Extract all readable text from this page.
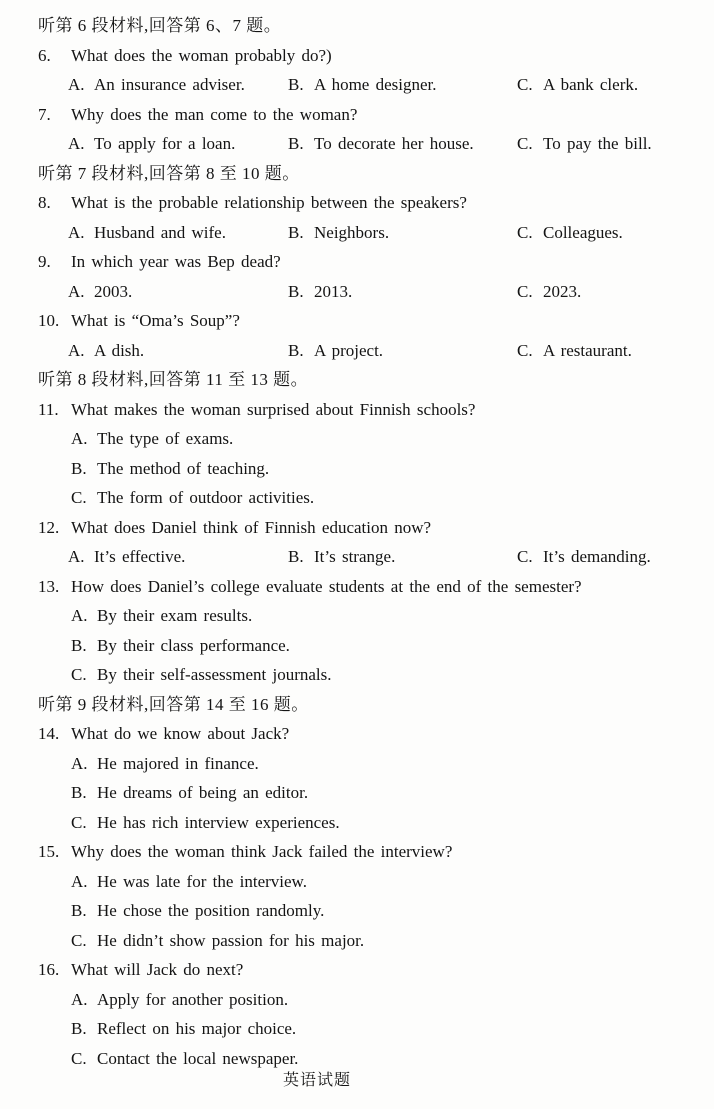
听第 6 段材料,回答第 6、7 题。
6.	What does the woman probably do?)
A. An insurance adviser.	B. A home designer.	C. A bank clerk.
7.	Why does the man come to the woman?
A. To apply for a loan.	B. To decorate her house.	C. To pay the bill.
听第 7 段材料,回答第 8 至 10 题。
8.	What is the probable relationship between the speakers?
A. Husband and wife.	B. Neighbors.	C. Colleagues.
9.	In which year was Bep dead?
A. 2003.	B. 2013.	C. 2023.
10. What is “Oma’s Soup”?
A. A dish.	B. A project.	C. A restaurant.
听第 8 段材料,回答第 11 至 13 题。
11. What makes the woman surprised about Finnish schools?
A. The type of exams.
B. The method of teaching.
C. The form of outdoor activities.
12. What does Daniel think of Finnish education now?
A. It’s effective.	B. It’s strange.	C. It’s demanding.
13. How does Daniel’s college evaluate students at the end of the semester?
A. By their exam results.
B. By their class performance.
C. By their self-assessment journals.
听第 9 段材料,回答第 14 至 16 题。
14. What do we know about Jack?
A. He majored in finance.
B. He dreams of being an editor.
C. He has rich interview experiences.
15. Why does the woman think Jack failed the interview?
A. He was late for the interview.
B. He chose the position randomly.
C. He didn’t show passion for his major.
16. What will Jack do next?
A. Apply for another position.
B. Reflect on his major choice.
C. Contact the local newspaper.
英语试题
